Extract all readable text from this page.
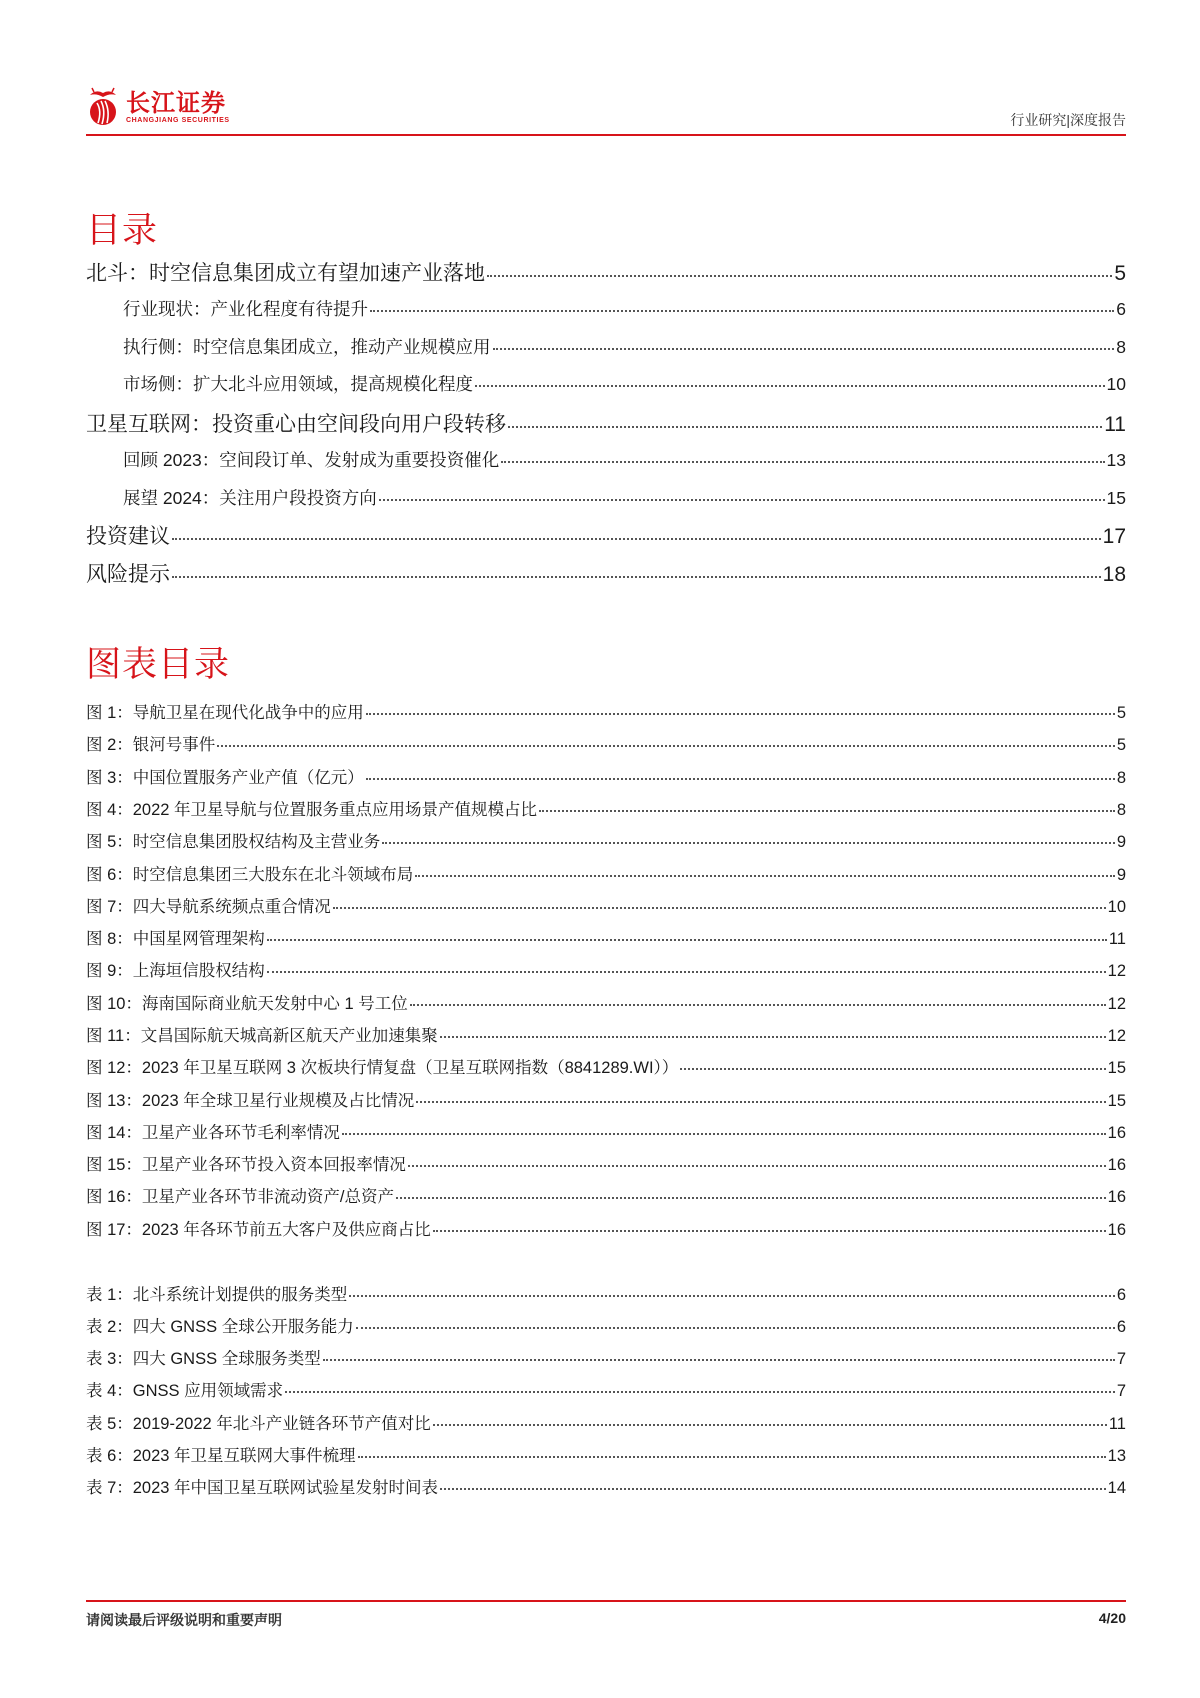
长江证券
CHANGJIANG SECURITIES	行业研究|深度报告
目录
北斗：时空信息集团成立有望加速产业落地	5
行业现状：产业化程度有待提升	6
执行侧：时空信息集团成立，推动产业规模应用	8
市场侧：扩大北斗应用领域，提高规模化程度	10
卫星互联网：投资重心由空间段向用户段转移	11
回顾 2023：空间段订单、发射成为重要投资催化	13
展望 2024：关注用户段投资方向	15
投资建议	17
风险提示	18
图表目录
图 1：导航卫星在现代化战争中的应用	5
图 2：银河号事件	5
图 3：中国位置服务产业产值（亿元）	8
图 4：2022 年卫星导航与位置服务重点应用场景产值规模占比	8
图 5：时空信息集团股权结构及主营业务	9
图 6：时空信息集团三大股东在北斗领域布局	9
图 7：四大导航系统频点重合情况	10
图 8：中国星网管理架构	11
图 9：上海垣信股权结构	12
图 10：海南国际商业航天发射中心 1 号工位	12
图 11：文昌国际航天城高新区航天产业加速集聚	12
图 12：2023 年卫星互联网 3 次板块行情复盘（卫星互联网指数（8841289.WI））	15
图 13：2023 年全球卫星行业规模及占比情况	15
图 14：卫星产业各环节毛利率情况	16
图 15：卫星产业各环节投入资本回报率情况	16
图 16：卫星产业各环节非流动资产/总资产	16
图 17：2023 年各环节前五大客户及供应商占比	16
表 1：北斗系统计划提供的服务类型	6
表 2：四大 GNSS 全球公开服务能力	6
表 3：四大 GNSS 全球服务类型	7
表 4：GNSS 应用领域需求	7
表 5：2019-2022 年北斗产业链各环节产值对比	11
表 6：2023 年卫星互联网大事件梳理	13
表 7：2023 年中国卫星互联网试验星发射时间表	14
请阅读最后评级说明和重要声明	4/20
